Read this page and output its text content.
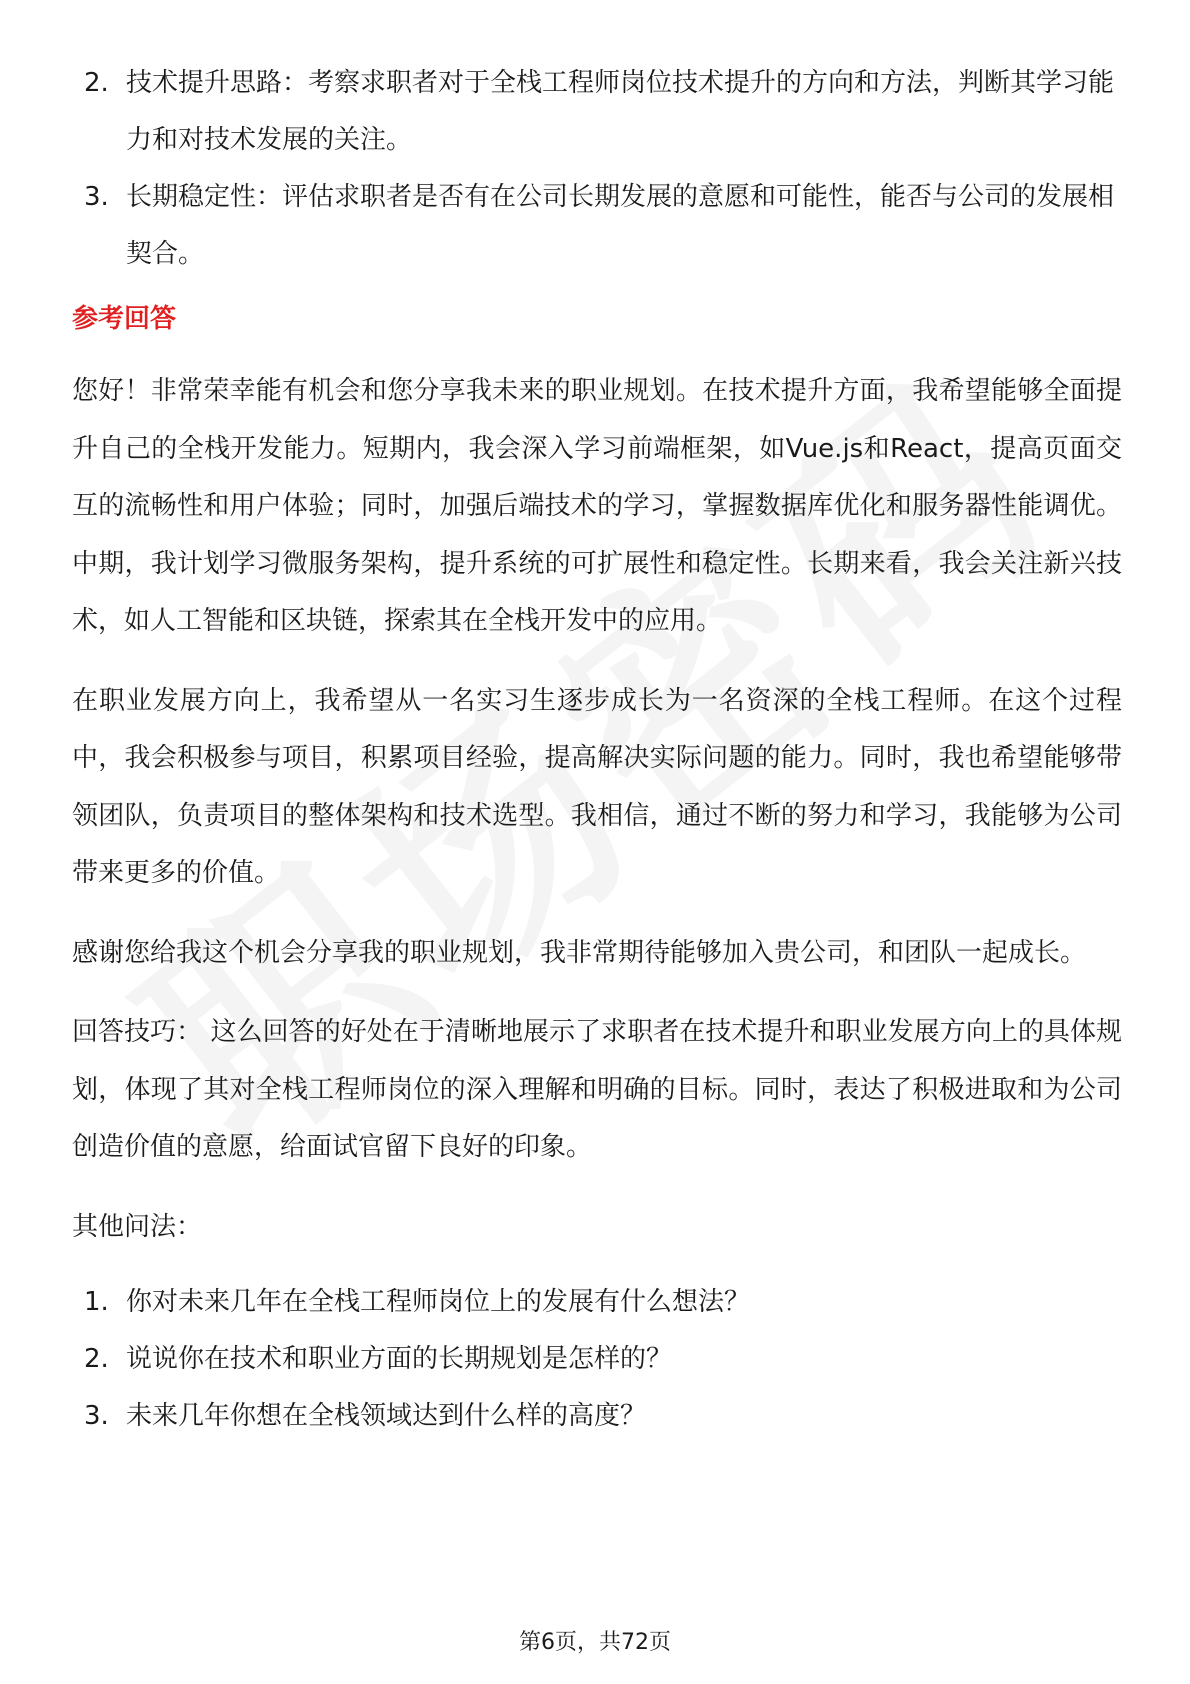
2. 技术提升思路：考察求职者对于全栈工程师岗位技术提升的方向和方法，判断其学习能力和对技术发展的关注。
3. 长期稳定性：评估求职者是否有在公司长期发展的意愿和可能性，能否与公司的发展相契合。

参考回答

您好！非常荣幸能有机会和您分享我未来的职业规划。在技术提升方面，我希望能够全面提升自己的全栈开发能力。短期内，我会深入学习前端框架，如Vue.js和React，提高页面交互的流畅性和用户体验；同时，加强后端技术的学习，掌握数据库优化和服务器性能调优。中期，我计划学习微服务架构，提升系统的可扩展性和稳定性。长期来看，我会关注新兴技术，如人工智能和区块链，探索其在全栈开发中的应用。

在职业发展方向上，我希望从一名实习生逐步成长为一名资深的全栈工程师。在这个过程中，我会积极参与项目，积累项目经验，提高解决实际问题的能力。同时，我也希望能够带领团队，负责项目的整体架构和技术选型。我相信，通过不断的努力和学习，我能够为公司带来更多的价值。

感谢您给我这个机会分享我的职业规划，我非常期待能够加入贵公司，和团队一起成长。

回答技巧： 这么回答的好处在于清晰地展示了求职者在技术提升和职业发展方向上的具体规划，体现了其对全栈工程师岗位的深入理解和明确的目标。同时，表达了积极进取和为公司创造价值的意愿，给面试官留下良好的印象。

其他问法：

1. 你对未来几年在全栈工程师岗位上的发展有什么想法？
2. 说说你在技术和职业方面的长期规划是怎样的？
3. 未来几年你想在全栈领域达到什么样的高度？
第6页，共72页
